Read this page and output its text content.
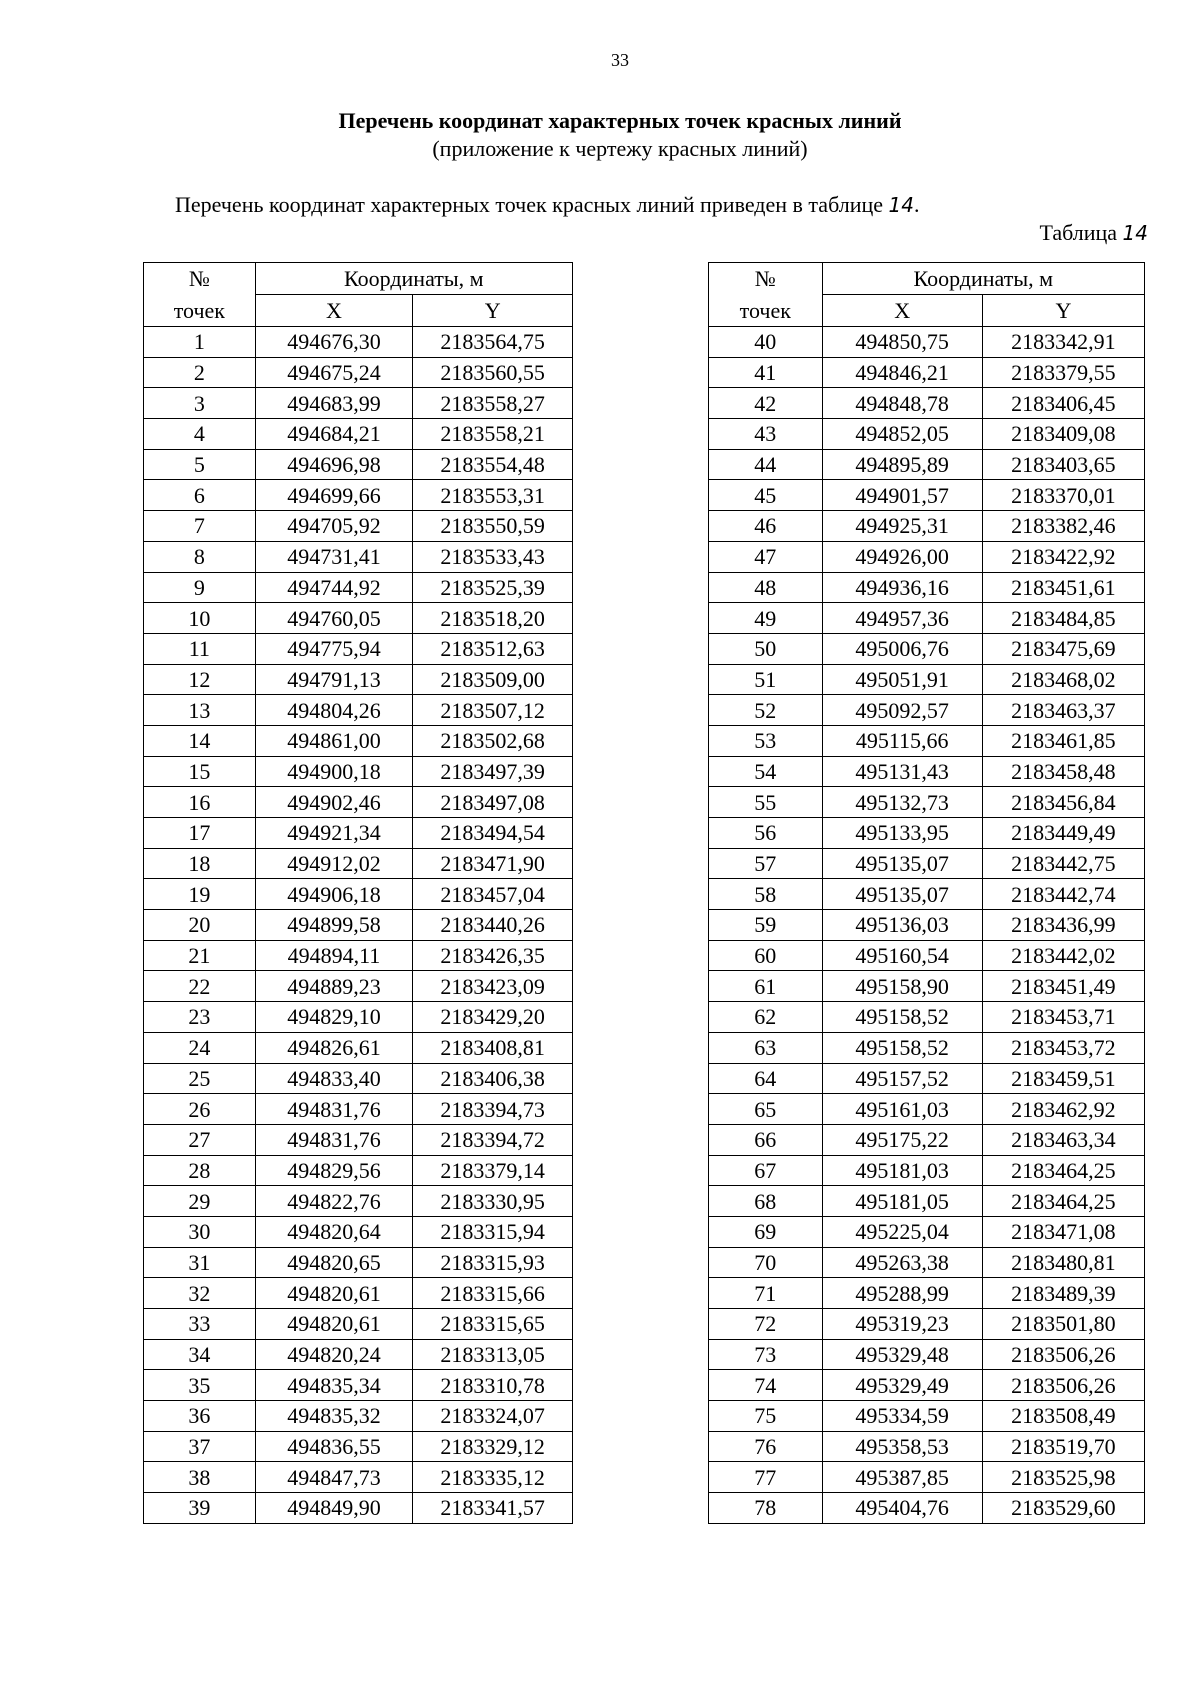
33
Перечень координат характерных точек красных линий
(приложение к чертежу красных линий)
Перечень координат характерных точек красных линий приведен в таблице 14.
Таблица 14
№	Координаты, м	
точек	X	Y
1	494676,30	2183564,75
2	494675,24	2183560,55
3	494683,99	2183558,27
4	494684,21	2183558,21
5	494696,98	2183554,48
6	494699,66	2183553,31
7	494705,92	2183550,59
8	494731,41	2183533,43
9	494744,92	2183525,39
10	494760,05	2183518,20
11	494775,94	2183512,63
12	494791,13	2183509,00
13	494804,26	2183507,12
14	494861,00	2183502,68
15	494900,18	2183497,39
16	494902,46	2183497,08
17	494921,34	2183494,54
18	494912,02	2183471,90
19	494906,18	2183457,04
20	494899,58	2183440,26
21	494894,11	2183426,35
22	494889,23	2183423,09
23	494829,10	2183429,20
24	494826,61	2183408,81
25	494833,40	2183406,38
26	494831,76	2183394,73
27	494831,76	2183394,72
28	494829,56	2183379,14
29	494822,76	2183330,95
30	494820,64	2183315,94
31	494820,65	2183315,93
32	494820,61	2183315,66
33	494820,61	2183315,65
34	494820,24	2183313,05
35	494835,34	2183310,78
36	494835,32	2183324,07
37	494836,55	2183329,12
38	494847,73	2183335,12
39	494849,90	2183341,57
№	Координаты, м	
точек	X	Y
40	494850,75	2183342,91
41	494846,21	2183379,55
42	494848,78	2183406,45
43	494852,05	2183409,08
44	494895,89	2183403,65
45	494901,57	2183370,01
46	494925,31	2183382,46
47	494926,00	2183422,92
48	494936,16	2183451,61
49	494957,36	2183484,85
50	495006,76	2183475,69
51	495051,91	2183468,02
52	495092,57	2183463,37
53	495115,66	2183461,85
54	495131,43	2183458,48
55	495132,73	2183456,84
56	495133,95	2183449,49
57	495135,07	2183442,75
58	495135,07	2183442,74
59	495136,03	2183436,99
60	495160,54	2183442,02
61	495158,90	2183451,49
62	495158,52	2183453,71
63	495158,52	2183453,72
64	495157,52	2183459,51
65	495161,03	2183462,92
66	495175,22	2183463,34
67	495181,03	2183464,25
68	495181,05	2183464,25
69	495225,04	2183471,08
70	495263,38	2183480,81
71	495288,99	2183489,39
72	495319,23	2183501,80
73	495329,48	2183506,26
74	495329,49	2183506,26
75	495334,59	2183508,49
76	495358,53	2183519,70
77	495387,85	2183525,98
78	495404,76	2183529,60
